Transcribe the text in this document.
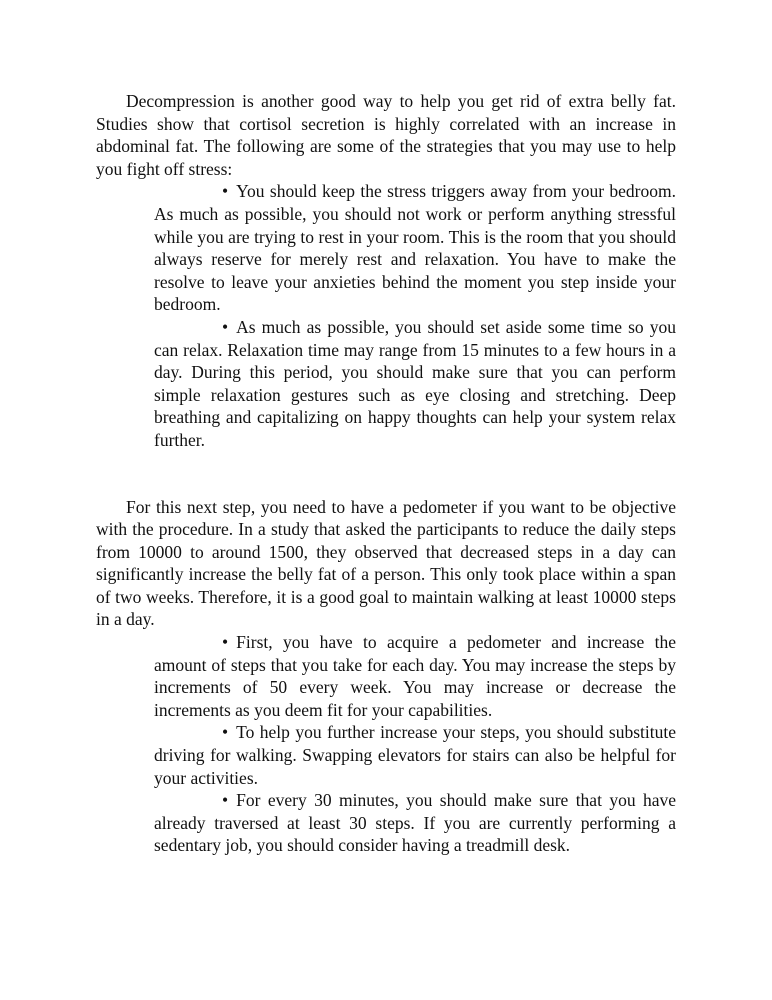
Decompression is another good way to help you get rid of extra belly fat. Studies show that cortisol secretion is highly correlated with an increase in abdominal fat. The following are some of the strategies that you may use to help you fight off stress:

• You should keep the stress triggers away from your bedroom. As much as possible, you should not work or perform anything stressful while you are trying to rest in your room. This is the room that you should always reserve for merely rest and relaxation. You have to make the resolve to leave your anxieties behind the moment you step inside your bedroom.
• As much as possible, you should set aside some time so you can relax. Relaxation time may range from 15 minutes to a few hours in a day. During this period, you should make sure that you can perform simple relaxation gestures such as eye closing and stretching. Deep breathing and capitalizing on happy thoughts can help your system relax further.

For this next step, you need to have a pedometer if you want to be objective with the procedure. In a study that asked the participants to reduce the daily steps from 10000 to around 1500, they observed that decreased steps in a day can significantly increase the belly fat of a person. This only took place within a span of two weeks. Therefore, it is a good goal to maintain walking at least 10000 steps in a day.

• First, you have to acquire a pedometer and increase the amount of steps that you take for each day. You may increase the steps by increments of 50 every week. You may increase or decrease the increments as you deem fit for your capabilities.
• To help you further increase your steps, you should substitute driving for walking. Swapping elevators for stairs can also be helpful for your activities.
• For every 30 minutes, you should make sure that you have already traversed at least 30 steps. If you are currently performing a sedentary job, you should consider having a treadmill desk.
